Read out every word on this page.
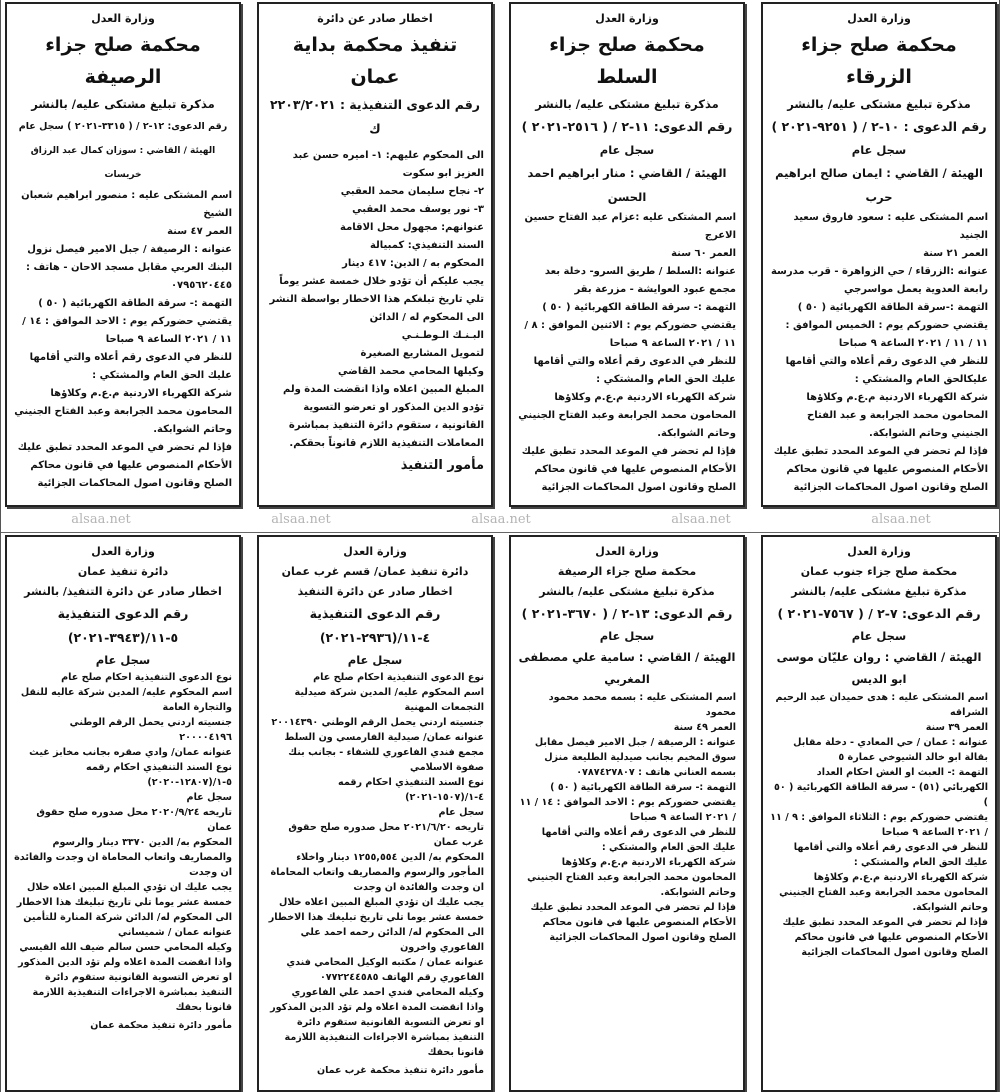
وزارة العدل
محكمة صلح جزاء الزرقاء
مذكرة تبليغ مشتكى عليه/ بالنشر
رقم الدعوى : ١٠-٢ / ( ٩٢٥١-٢٠٢١ )
سجل عام
الهيئة / القاضي : ايمان صالح ابراهيم حرب
اسم المشتكى عليه : سعود فاروق سعيد الجنيد
العمر ٢١ سنة
عنوانه :الزرقاء / حي الزواهرة - قرب مدرسة رابعة العدوية يعمل مواسرجي
التهمة :-سرقة الطاقة الكهربائية ( ٥٠ )
يقتضي حضوركم يوم : الخميس الموافق : ١١ / ١١ / ٢٠٢١ الساعة ٩ صباحا
للنظر في الدعوى رقم أعلاه والتي أقامها عليكالحق العام والمشتكي :
شركة الكهرباء الاردنية م.ع.م وكلاؤها المحامون محمد الجرابعة و عبد الفتاح الجنيني وحاتم الشوابكة.
فإذا لم تحضر في الموعد المحدد تطبق عليك الأحكام المنصوص عليها في قانون محاكم الصلح وقانون اصول المحاكمات الجزائية
وزارة العدل
محكمة صلح جزاء السلط
مذكرة تبليغ مشتكى عليه/ بالنشر
رقم الدعوى: ١١-٢ / ( ٢٥١٦-٢٠٢١ )
سجل عام
الهيئة / القاضي : منار ابراهيم احمد الحسن
اسم المشتكى عليه :عزام عبد الفتاح حسين الاعرج
العمر ٦٠ سنة
عنوانه :السلط / طريق السرو- دخلة بعد مجمع عبود العوايشة - مزرعة بقر
التهمة :- سرقة الطاقة الكهربائية ( ٥٠ )
يقتضي حضوركم يوم : الاثنين الموافق : ٨ / ١١ / ٢٠٢١ الساعة ٩ صباحا
للنظر في الدعوى رقم أعلاه والتي أقامها عليك الحق العام والمشتكي :
شركة الكهرباء الاردنية م.ع.م وكلاؤها المحامون محمد الجرابعة وعبد الفتاح الجنيني وحاتم الشوابكة.
فإذا لم تحضر في الموعد المحدد تطبق عليك الأحكام المنصوص عليها في قانون محاكم الصلح وقانون اصول المحاكمات الجزائية
اخطار صادر عن دائرة
تنفيذ محكمة بداية عمان
رقم الدعوى التنفيذية : ٢٢٠٣/٢٠٢١ ك
الى المحكوم عليهم: ١- اميره حسن عبد العزيز ابو سكوت
٢- نجاح سليمان محمد العقبي
٣- نور يوسف محمد العقبي
عنوانهم: مجهول محل الاقامة
السند التنفيذي: كمبيالة
المحكوم به / الدين: ٤١٧ دينار
يجب عليكم أن تؤدو خلال خمسة عشر يوماً تلي تاريخ تبلغكم هذا الاخطار بواسطة النشر الى المحكوم له / الدائن
البـنـك الـوطـنـي
لتمويل المشاريع الصغيرة
وكيلها المحامي محمد القاضي
المبلغ المبين اعلاه واذا انقضت المدة ولم تؤدو الدين المذكور او تعرضو التسوية القانونية ، ستقوم دائرة التنفيذ بمباشرة المعاملات التنفيذية اللازم قانوناً بحقكم.
مأمور التنفيذ
وزارة العدل
محكمة صلح جزاء الرصيفة
مذكرة تبليغ مشتكى عليه/ بالنشر
رقم الدعوى: ١٢-٢ / ( ٣٣١٥-٢٠٢١ ) سجل عام
الهيئة / القاضي : سوزان كمال عبد الرزاق خريسات
اسم المشتكى عليه : منصور ابراهيم شعبان الشيخ
العمر ٤٧ سنة
عنوانه : الرصيفة / جبل الامير فيصل نزول البنك العربي مقابل مسجد الاحان - هاتف : ٠٧٩٥٦٢٠٤٤٥
التهمة :- سرقة الطاقة الكهربائية ( ٥٠ )
يقتضي حضوركم يوم : الاحد الموافق : ١٤ / ١١ / ٢٠٢١ الساعة ٩ صباحا
للنظر في الدعوى رقم أعلاه والتي أقامها عليك الحق العام والمشتكي :
شركة الكهرباء الاردنية م.ع.م وكلاؤها المحامون محمد الجرابعة وعبد الفتاح الجنيني وحاتم الشوابكة.
فإذا لم تحضر في الموعد المحدد تطبق عليك الأحكام المنصوص عليها في قانون محاكم الصلح وقانون اصول المحاكمات الجزائية
alsaa.net	alsaa.net	alsaa.net	alsaa.net	alsaa.net
وزارة العدل
محكمة صلح جزاء جنوب عمان
مذكرة تبليغ مشتكى عليه/ بالنشر
رقم الدعوى: ٧-٢ / ( ٧٥٦٧-٢٠٢١ )
سجل عام
الهيئة / القاضي : روان عليّان موسى ابو الديس
اسم المشتكى عليه : هدى حميدان عبد الرحيم الشراقه
العمر ٣٩ سنة
عنوانه : عمان / حي المعادي - دخلة مقابل بقالة ابو خالد الشيوخي عمارة ٥
التهمة :- العبث او الغش احكام العداد الكهربائي (٥١) - سرقة الطاقة الكهربائية ( ٥٠ )
يقتضي حضوركم يوم : الثلاثاء الموافق : ٩ / ١١ / ٢٠٢١ الساعة ٩ صباحا
للنظر في الدعوى رقم أعلاه والتي أقامها عليك الحق العام والمشتكي :
شركة الكهرباء الاردنية م.ع.م وكلاؤها المحامون محمد الجرابعة وعبد الفتاح الجنيني وحاتم الشوابكة.
فإذا لم تحضر في الموعد المحدد تطبق عليك الأحكام المنصوص عليها في قانون محاكم الصلح وقانون اصول المحاكمات الجزائية
وزارة العدل
محكمة صلح جزاء الرصيفة
مذكرة تبليغ مشتكى عليه/ بالنشر
رقم الدعوى: ١٣-٢ / ( ٣٦٧٠-٢٠٢١ )
سجل عام
الهيئة / القاضي : سامية علي مصطفى المغربي
اسم المشتكى عليه : بسمه محمد محمود محمود
العمر ٤٩ سنة
عنوانه : الرصيفة / جبل الامير فيصل مقابل سوق المخيم بجانب صيدلية الطليعة منزل بسمه العناني هاتف : ٠٧٨٧٤٢٧٨٠٧
التهمة :- سرقة الطاقة الكهربائية ( ٥٠ )
يقتضي حضوركم يوم : الاحد الموافق : ١٤ / ١١ / ٢٠٢١ الساعة ٩ صباحا
للنظر في الدعوى رقم أعلاه والتي أقامها عليك الحق العام والمشتكي :
شركة الكهرباء الاردنية م.ع.م وكلاؤها المحامون محمد الجرابعة وعبد الفتاح الجنيني وحاتم الشوابكة.
فإذا لم تحضر في الموعد المحدد تطبق عليك الأحكام المنصوص عليها في قانون محاكم الصلح وقانون اصول المحاكمات الجزائية
وزارة العدل
دائرة تنفيذ عمان/ قسم غرب عمان
اخطار صادر عن دائرة التنفيذ
رقم الدعوى التنفيذية ٤-١١/(٢٩٣٦-٢٠٢١)
سجل عام
نوع الدعوى التنفيذية احكام صلح عام
اسم المحكوم عليه/ المدين شركة صيدلية التجمعات المهنية
جنسيته اردني يحمل الرقم الوطني ٢٠٠١٤٣٩٠
عنوانه عمان/ صيدلية الفارمسي ون السلط مجمع فندي الفاعوري للشفاء - بجانب بنك صفوة الاسلامي
نوع السند التنفيذي احكام رقمه ٤-١/(١٥٠٧-٢٠٢١)
سجل عام
تاريخه ٢٠٢١/٦/٢٠ محل صدوره صلح حقوق غرب عمان
المحكوم به/ الدين ١٢٥٥,٥٥٤ دينار واخلاء المأجور والرسوم والمصاريف واتعاب المحاماة ان وجدت والفائدة ان وجدت
يجب عليك ان تؤدي المبلغ المبين اعلاه خلال خمسة عشر يوما تلي تاريخ تبليغك هذا الاخطار الى المحكوم له/ الدائن رحمه احمد علي الفاعوري واخرون
عنوانه عمان / مكتبه الوكيل المحامي فندي الفاعوري رقم الهاتف ٠٧٧٢٢٤٤٥٨٥
وكيله المحامي فندي احمد علي الفاعوري
واذا انقضت المدة اعلاه ولم تؤد الدين المذكور او تعرض التسوية القانونية ستقوم دائرة التنفيذ بمباشرة الاجراءات التنفيذية اللازمة قانونا بحقك
مأمور دائرة تنفيذ محكمة غرب عمان
وزارة العدل
دائرة تنفيذ عمان
اخطار صادر عن دائرة التنفيذ/ بالنشر
رقم الدعوى التنفيذية ٥-١١/(٣٩٤٣-٢٠٢١)
سجل عام
نوع الدعوى التنفيذية احكام صلح عام
اسم المحكوم عليه/ المدين شركة عاليه للنقل والتجارة العامة
جنسيته اردني يحمل الرقم الوطني ٢٠٠٠٠٤١٩٦
عنوانه عمان/ وادي صقره بجانب مخابز غيث
نوع السند التنفيذي احكام رقمه ٥-١/(١٢٨٠٧-٢٠٢٠)
سجل عام
تاريخه ٢٠٢٠/٩/٢٤ محل صدوره صلح حقوق عمان
المحكوم به/ الدين ٣٣٧٠ دينار والرسوم والمصاريف واتعاب المحاماة ان وجدت والفائدة ان وجدت
يجب عليك ان تؤدي المبلغ المبين اعلاه خلال خمسة عشر يوما تلي تاريخ تبليغك هذا الاخطار الى المحكوم له/ الدائن شركة المنارة للتأمين
عنوانه عمان / شميساني
وكيله المحامي حسن سالم ضيف الله القيسي
واذا انقضت المدة اعلاه ولم تؤد الدين المذكور او تعرض التسوية القانونية ستقوم دائرة التنفيذ بمباشرة الاجراءات التنفيذية اللازمة قانونا بحقك
مأمور دائرة تنفيذ محكمة عمان
